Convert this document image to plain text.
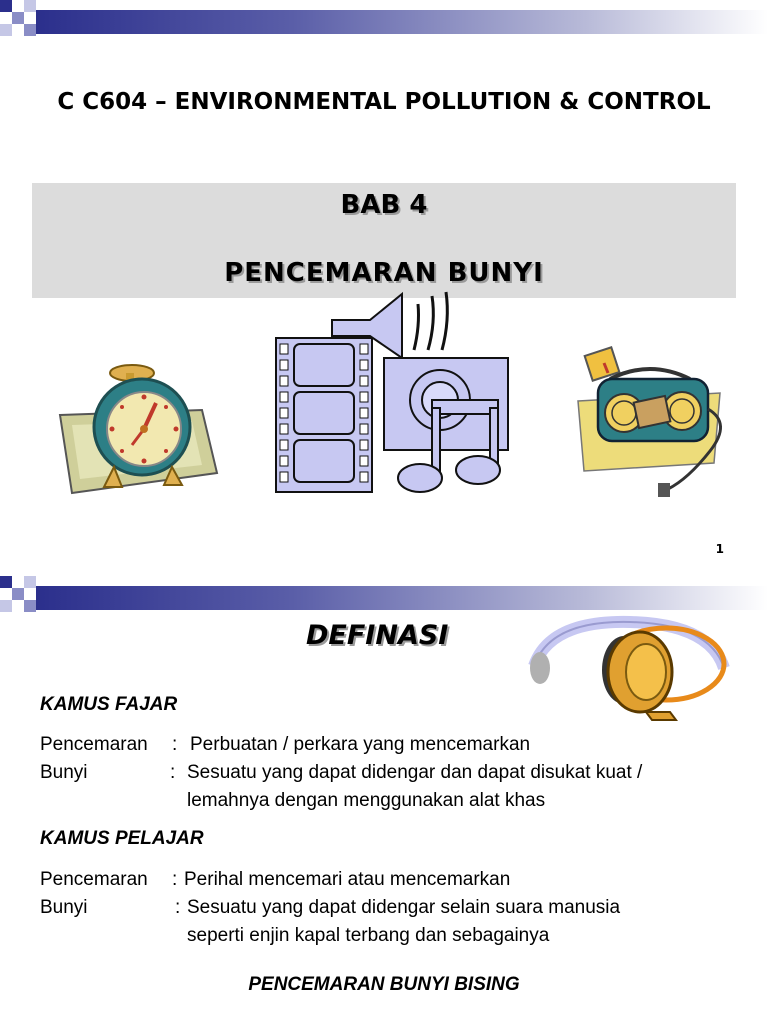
C C604 – ENVIRONMENTAL POLLUTION & CONTROL
BAB 4
PENCEMARAN BUNYI
1
DEFINASI
KAMUS FAJAR
Pencemaran : Perbuatan / perkara yang mencemarkan
Bunyi	: Sesuatu yang dapat didengar dan dapat disukat kuat /
lemahnya dengan menggunakan alat khas
KAMUS PELAJAR
Pencemaran : Perihal mencemari atau mencemarkan
Bunyi	: Sesuatu yang dapat didengar selain suara manusia
seperti enjin kapal terbang dan sebagainya
PENCEMARAN BUNYI BISING
